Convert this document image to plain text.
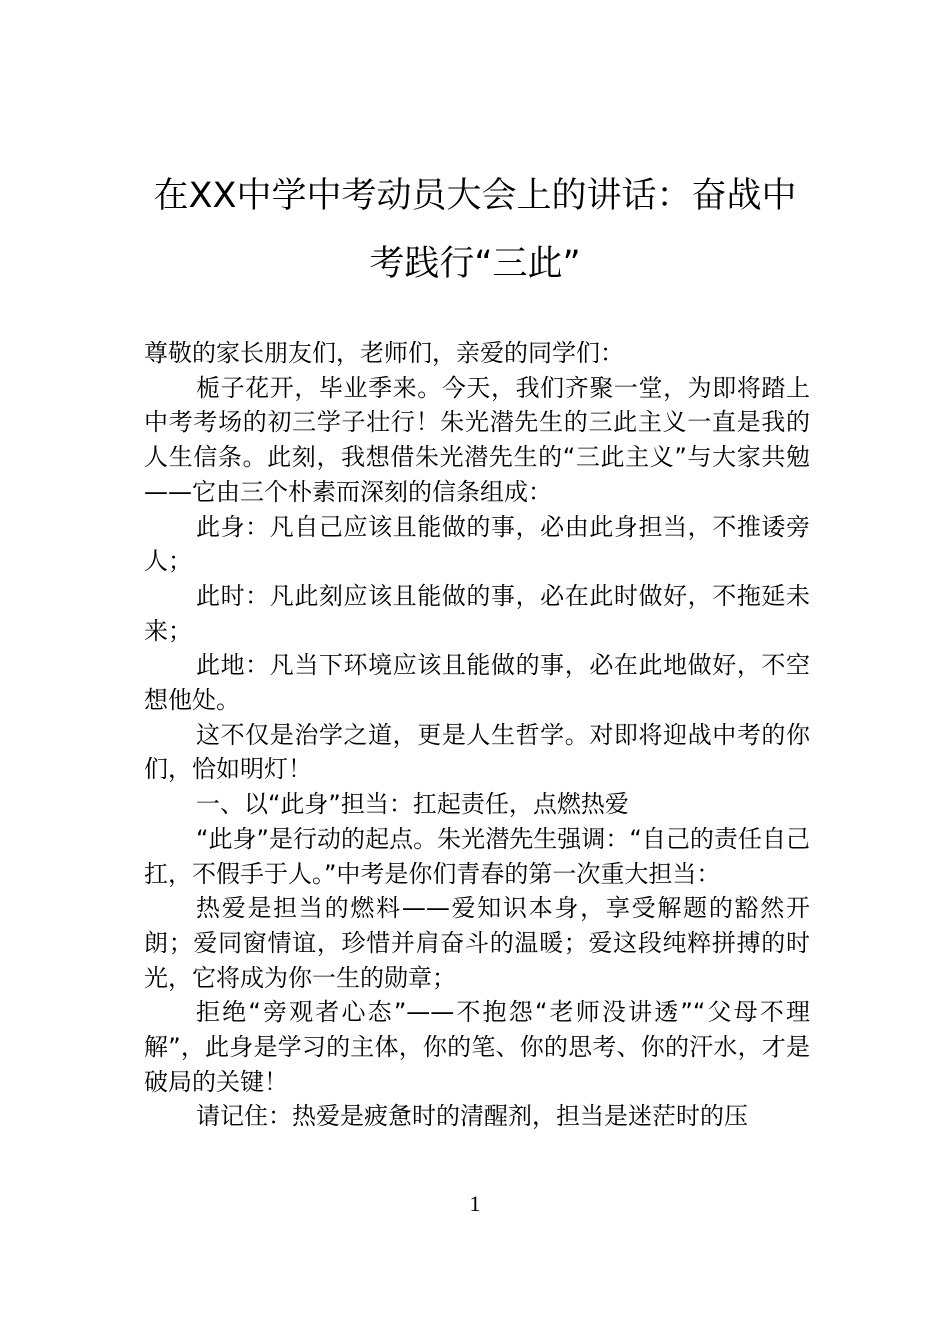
在XX中学中考动员大会上的讲话：奋战中
考践行“三此”

尊敬的家长朋友们，老师们，亲爱的同学们：

栀子花开，毕业季来。今天，我们齐聚一堂，为即将踏上中考考场的初三学子壮行！朱光潜先生的三此主义一直是我的人生信条。此刻，我想借朱光潜先生的“三此主义”与大家共勉——它由三个朴素而深刻的信条组成：

此身：凡自己应该且能做的事，必由此身担当，不推诿旁人；

此时：凡此刻应该且能做的事，必在此时做好，不拖延未来；

此地：凡当下环境应该且能做的事，必在此地做好，不空想他处。

这不仅是治学之道，更是人生哲学。对即将迎战中考的你们，恰如明灯！

一、以“此身”担当：扛起责任，点燃热爱

“此身”是行动的起点。朱光潜先生强调：“自己的责任自己扛，不假手于人。”中考是你们青春的第一次重大担当：

热爱是担当的燃料——爱知识本身，享受解题的豁然开朗；爱同窗情谊，珍惜并肩奋斗的温暖；爱这段纯粹拼搏的时光，它将成为你一生的勋章；

拒绝“旁观者心态”——不抱怨“老师没讲透”“父母不理解”，此身是学习的主体，你的笔、你的思考、你的汗水，才是破局的关键！

请记住：热爱是疲惫时的清醒剂，担当是迷茫时的压

1
